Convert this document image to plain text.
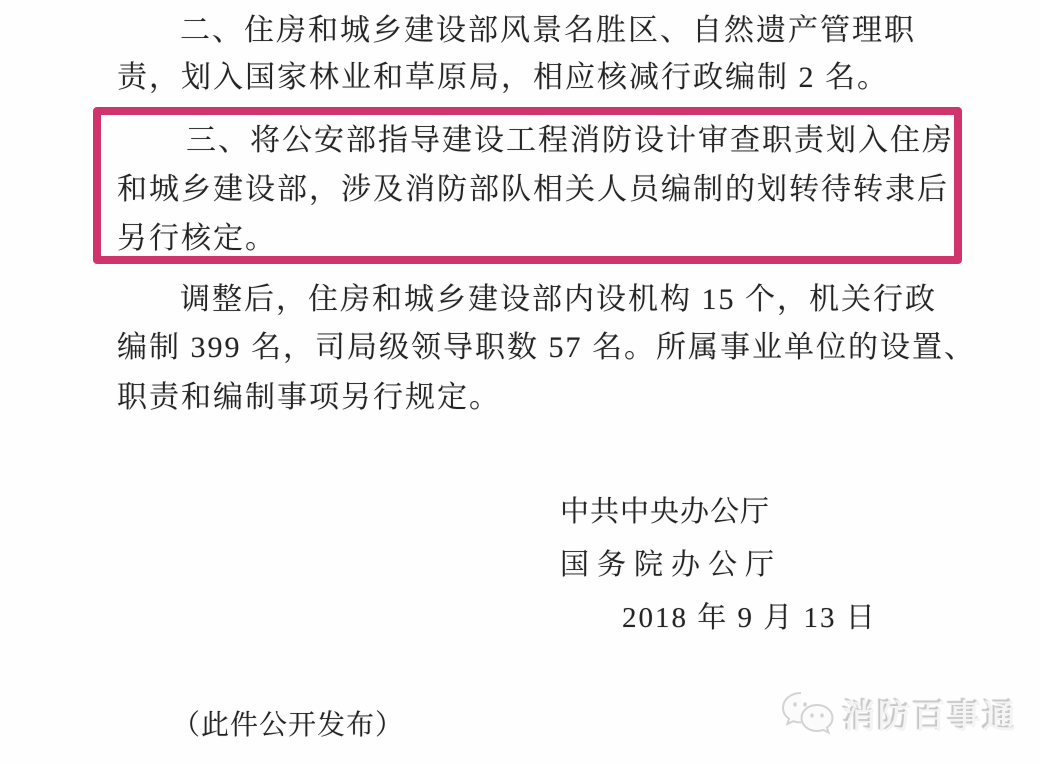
二、住房和城乡建设部风景名胜区、自然遗产管理职
责，划入国家林业和草原局，相应核减行政编制 2 名。
三、将公安部指导建设工程消防设计审查职责划入住房
和城乡建设部，涉及消防部队相关人员编制的划转待转隶后
另行核定。
调整后，住房和城乡建设部内设机构 15 个，机关行政
编制 399 名，司局级领导职数 57 名。所属事业单位的设置、
职责和编制事项另行规定。
中共中央办公厅
国务院办公厅
2018 年 9 月 13 日
（此件公开发布）	消防百事通
